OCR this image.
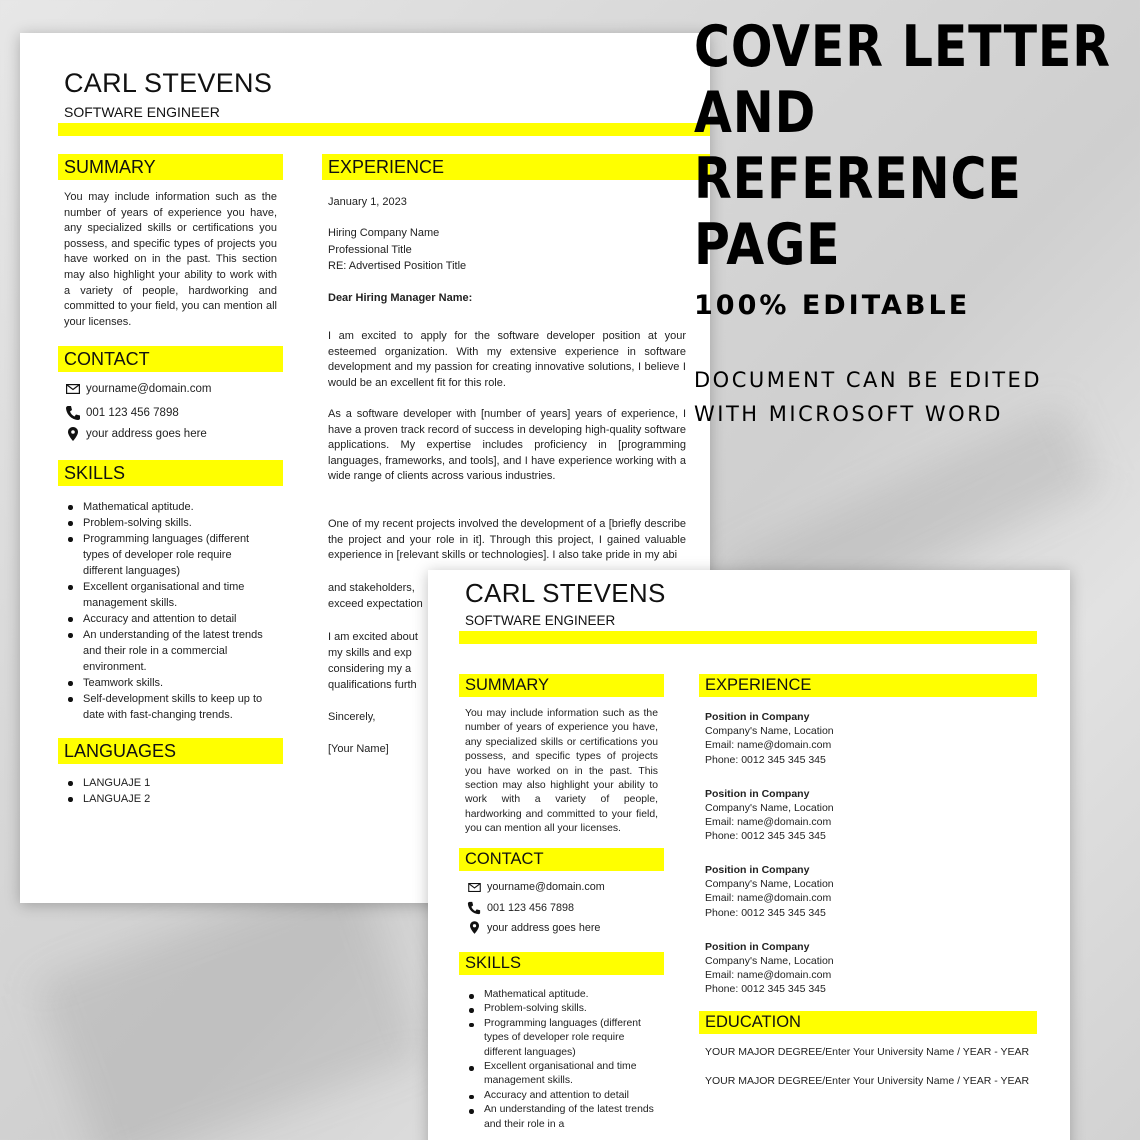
CARL STEVENS
SOFTWARE ENGINEER
SUMMARY
You may include information such as the number of years of experience you have, any specialized skills or certifications you possess, and specific types of projects you have worked on in the past. This section may also highlight your ability to work with a variety of people, hardworking and committed to your field, you can mention all your licenses.
CONTACT
yourname@domain.com
001 123 456 7898
your address goes here
SKILLS
Mathematical aptitude.
Problem-solving skills.
Programming languages (different types of developer role require different languages)
Excellent organisational and time management skills.
Accuracy and attention to detail
An understanding of the latest trends and their role in a commercial environment.
Teamwork skills.
Self-development skills to keep up to date with fast-changing trends.
LANGUAGES
LANGUAJE 1
LANGUAJE 2
EXPERIENCE
January 1, 2023
Hiring Company Name
Professional Title
RE: Advertised Position Title
Dear Hiring Manager Name:
I am excited to apply for the software developer position at your esteemed organization. With my extensive experience in software development and my passion for creating innovative solutions, I believe I would be an excellent fit for this role.
As a software developer with [number of years] years of experience, I have a proven track record of success in developing high-quality software applications. My expertise includes proficiency in [programming languages, frameworks, and tools], and I have experience working with a wide range of clients across various industries.
One of my recent projects involved the development of a [briefly describe the project and your role in it]. Through this project, I gained valuable experience in [relevant skills or technologies]. I also take pride in my abi
and stakeholders,
exceed expectation
I am excited about
my skills and exp
considering my a
qualifications furth
Sincerely,
[Your Name]
CARL STEVENS
SOFTWARE ENGINEER
SUMMARY
You may include information such as the number of years of experience you have, any specialized skills or certifications you possess, and specific types of projects you have worked on in the past. This section may also highlight your ability to work with a variety of people, hardworking and committed to your field, you can mention all your licenses.
CONTACT
yourname@domain.com
001 123 456 7898
your address goes here
SKILLS
Mathematical aptitude.
Problem-solving skills.
Programming languages (different types of developer role require different languages)
Excellent organisational and time management skills.
Accuracy and attention to detail
An understanding of the latest trends and their role in a
EXPERIENCE
Position in Company
Company's Name, Location
Email: name@domain.com
Phone: 0012 345 345 345
Position in Company
Company's Name, Location
Email: name@domain.com
Phone: 0012 345 345 345
Position in Company
Company's Name, Location
Email: name@domain.com
Phone: 0012 345 345 345
Position in Company
Company's Name, Location
Email: name@domain.com
Phone: 0012 345 345 345
EDUCATION
YOUR MAJOR DEGREE/Enter Your University Name / YEAR - YEAR
YOUR MAJOR DEGREE/Enter Your University Name / YEAR - YEAR
COVER LETTER
AND
REFERENCE
PAGE
100% EDITABLE
DOCUMENT CAN BE EDITED
WITH MICROSOFT WORD
